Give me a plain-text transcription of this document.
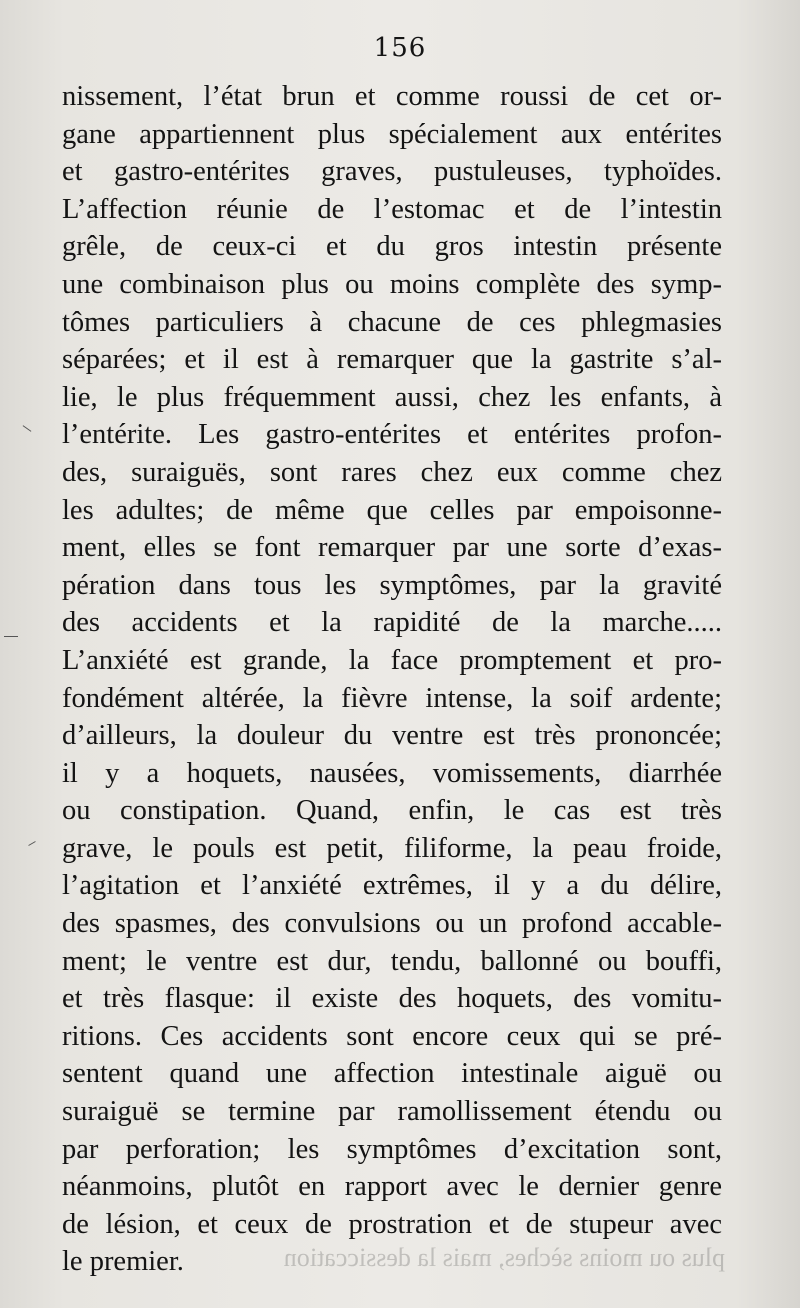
156
plus ou moins sèches, mais la dessiccation
nissement, l’état brun et comme roussi de cet or-
gane appartiennent plus spécialement aux entérites
et gastro-entérites graves, pustuleuses, typhoïdes.
L’affection réunie de l’estomac et de l’intestin
grêle, de ceux-ci et du gros intestin présente
une combinaison plus ou moins complète des symp-
tômes particuliers à chacune de ces phlegmasies
séparées; et il est à remarquer que la gastrite s’al-
lie, le plus fréquemment aussi, chez les enfants, à
l’entérite. Les gastro-entérites et entérites profon-
des, suraiguës, sont rares chez eux comme chez
les adultes; de même que celles par empoisonne-
ment, elles se font remarquer par une sorte d’exas-
pération dans tous les symptômes, par la gravité
des accidents et la rapidité de la marche.....
L’anxiété est grande, la face promptement et pro-
fondément altérée, la fièvre intense, la soif ardente;
d’ailleurs, la douleur du ventre est très prononcée;
il y a hoquets, nausées, vomissements, diarrhée
ou constipation. Quand, enfin, le cas est très
grave, le pouls est petit, filiforme, la peau froide,
l’agitation et l’anxiété extrêmes, il y a du délire,
des spasmes, des convulsions ou un profond accable-
ment; le ventre est dur, tendu, ballonné ou bouffi,
et très flasque: il existe des hoquets, des vomitu-
ritions. Ces accidents sont encore ceux qui se pré-
sentent quand une affection intestinale aiguë ou
suraiguë se termine par ramollissement étendu ou
par perforation; les symptômes d’excitation sont,
néanmoins, plutôt en rapport avec le dernier genre
de lésion, et ceux de prostration et de stupeur avec
le premier.
